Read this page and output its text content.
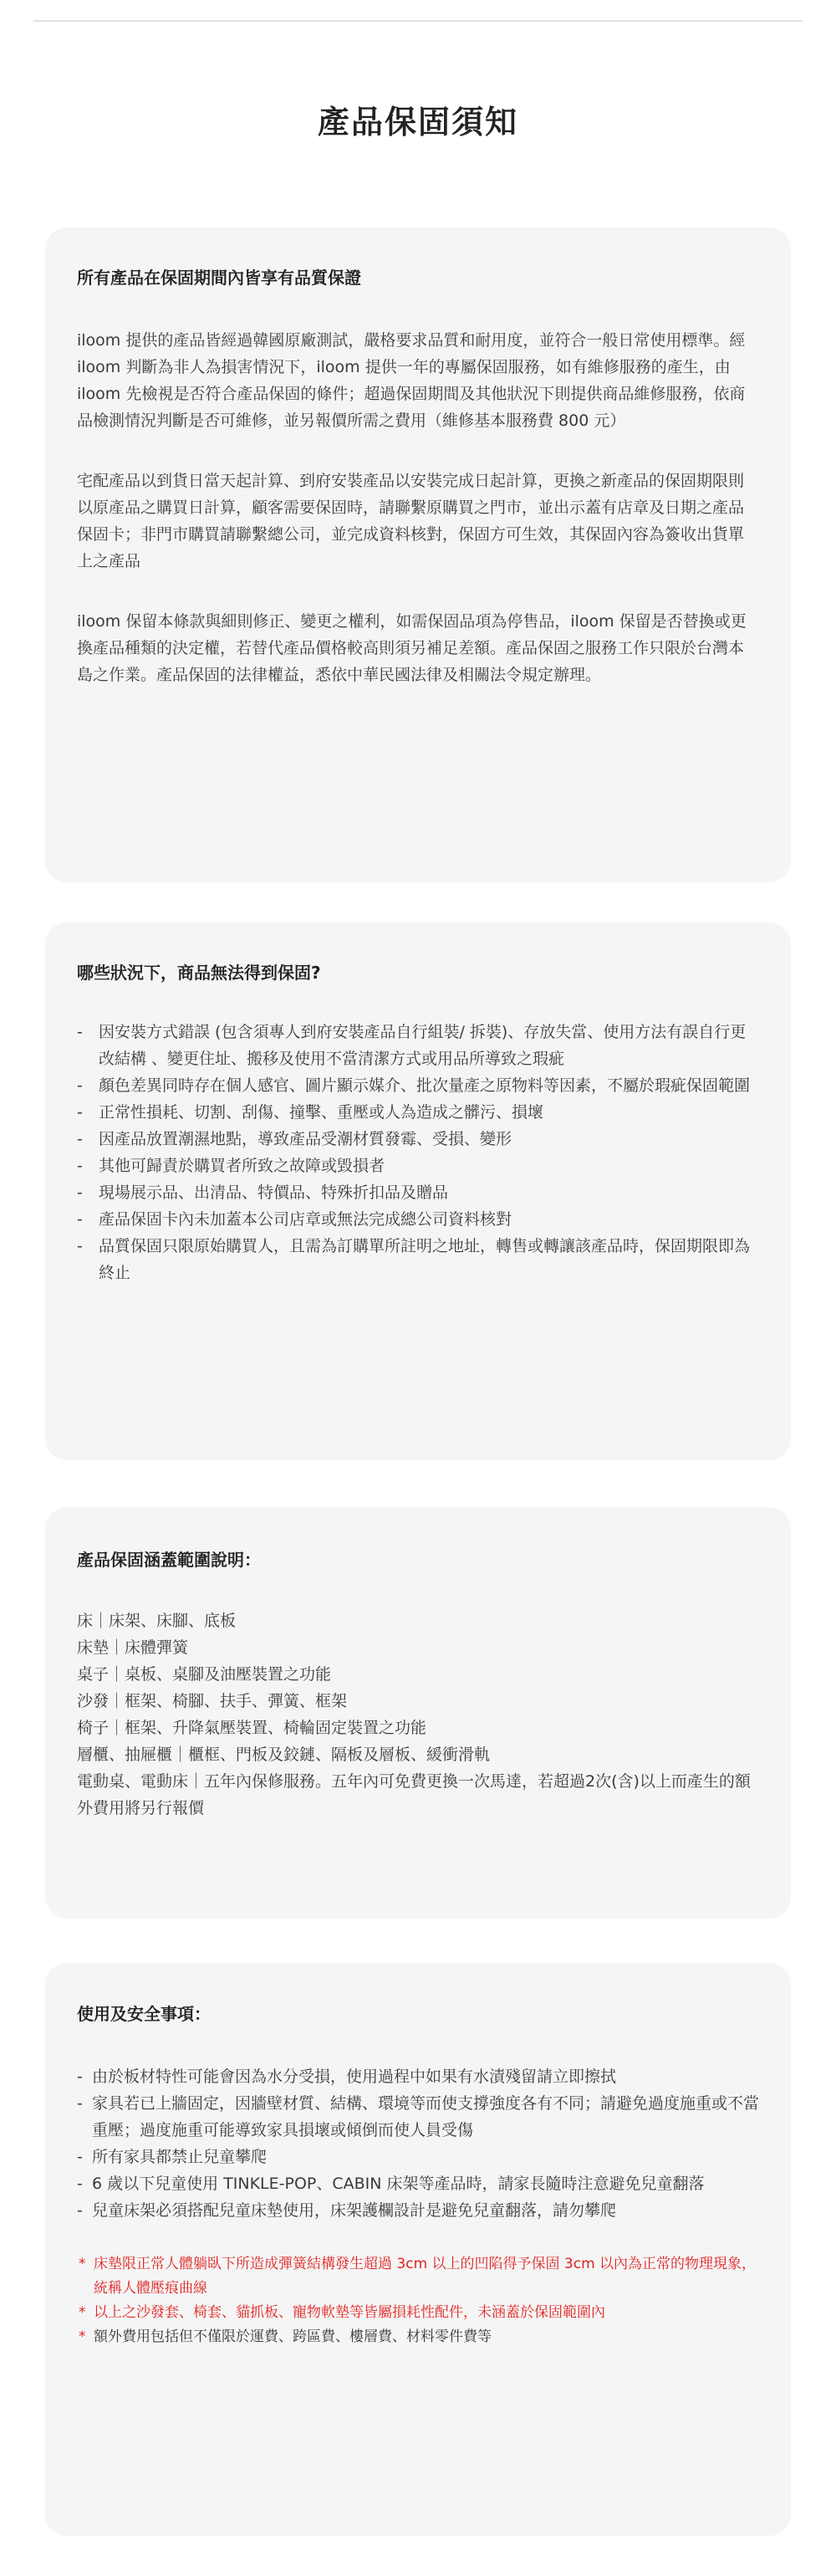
產品保固須知
所有產品在保固期間內皆享有品質保證

iloom 提供的產品皆經過韓國原廠測試，嚴格要求品質和耐用度，並符合一般日常使用標準。經 iloom 判斷為非人為損害情況下，iloom 提供一年的專屬保固服務，如有維修服務的產生，由 iloom 先檢視是否符合產品保固的條件；超過保固期間及其他狀況下則提供商品維修服務，依商品檢測情況判斷是否可維修，並另報價所需之費用（維修基本服務費 800 元）

宅配產品以到貨日當天起計算、到府安裝產品以安裝完成日起計算，更換之新產品的保固期限則以原產品之購買日計算，顧客需要保固時，請聯繫原購買之門市，並出示蓋有店章及日期之產品保固卡；非門市購買請聯繫總公司，並完成資料核對，保固方可生效，其保固內容為簽收出貨單上之產品

iloom 保留本條款與細則修正、變更之權利，如需保固品項為停售品，iloom 保留是否替換或更換產品種類的決定權，若替代產品價格較高則須另補足差額。產品保固之服務工作只限於台灣本島之作業。產品保固的法律權益，悉依中華民國法律及相關法令規定辦理。

哪些狀況下，商品無法得到保固?
- 因安裝方式錯誤 (包含須專人到府安裝產品自行組裝/ 拆裝)、存放失當、使用方法有誤自行更改結構 、變更住址、搬移及使用不當清潔方式或用品所導致之瑕疵
- 顏色差異同時存在個人感官、圖片顯示媒介、批次量產之原物料等因素，不屬於瑕疵保固範圍
- 正常性損耗、切割、刮傷、撞擊、重壓或人為造成之髒污、損壞
- 因產品放置潮濕地點，導致產品受潮材質發霉、受損、變形
- 其他可歸責於購買者所致之故障或毀損者
- 現場展示品、出清品、特價品、特殊折扣品及贈品
- 產品保固卡內未加蓋本公司店章或無法完成總公司資料核對
- 品質保固只限原始購買人，且需為訂購單所註明之地址，轉售或轉讓該產品時，保固期限即為終止
產品保固涵蓋範圍說明：
床｜床架、床腳、底板
床墊｜床體彈簧
桌子｜桌板、桌腳及油壓裝置之功能
沙發｜框架、椅腳、扶手、彈簧、框架
椅子｜框架、升降氣壓裝置、椅輪固定裝置之功能
層櫃、抽屜櫃｜櫃框、門板及鉸鏈、隔板及層板、緩衝滑軌
電動桌、電動床｜五年內保修服務。五年內可免費更換一次馬達，若超過2次(含)以上而產生的額外費用將另行報價
使用及安全事項：
- 由於板材特性可能會因為水分受損，使用過程中如果有水漬殘留請立即擦拭
- 家具若已上牆固定，因牆壁材質、結構、環境等而使支撐強度各有不同；請避免過度施重或不當重壓；過度施重可能導致家具損壞或傾倒而使人員受傷
- 所有家具都禁止兒童攀爬
- 6 歲以下兒童使用 TINKLE-POP、CABIN 床架等產品時，請家長隨時注意避免兒童翻落
- 兒童床架必須搭配兒童床墊使用，床架護欄設計是避免兒童翻落，請勿攀爬
* 床墊限正常人體躺臥下所造成彈簧結構發生超過 3cm 以上的凹陷得予保固 3cm 以內為正常的物理現象，統稱人體壓痕曲線
* 以上之沙發套、椅套、貓抓板、寵物軟墊等皆屬損耗性配件，未涵蓋於保固範圍內
* 額外費用包括但不僅限於運費、跨區費、樓層費、材料零件費等
